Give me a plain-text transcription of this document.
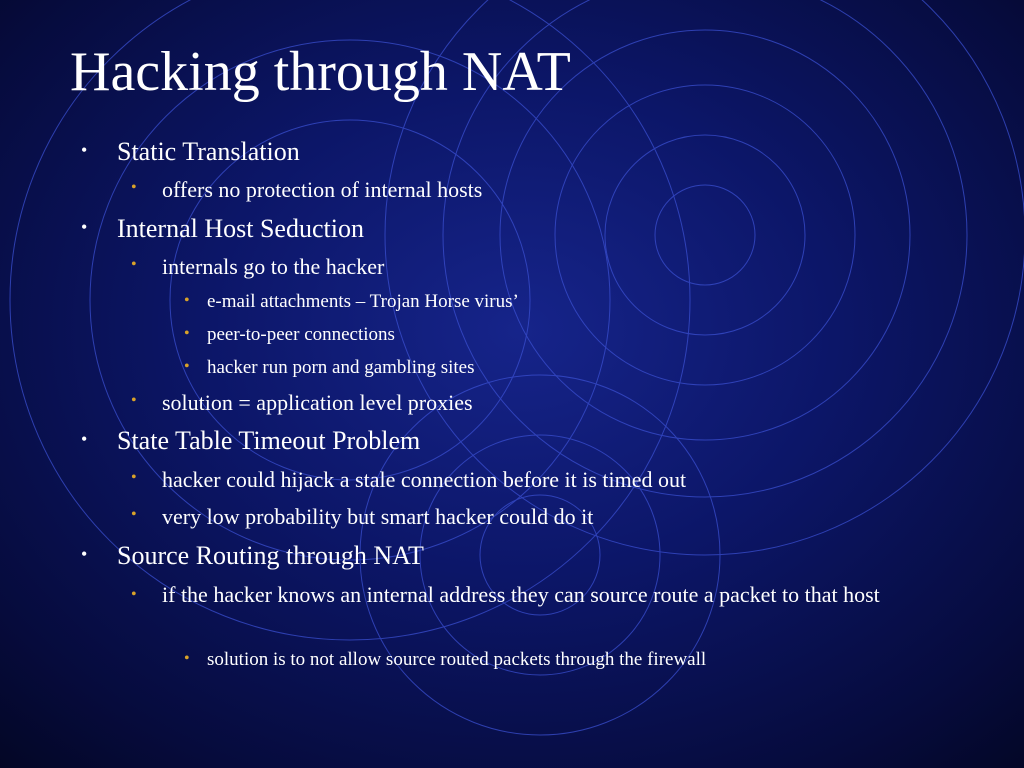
Hacking through NAT
• Static Translation
• offers no protection of internal hosts
• Internal Host Seduction
• internals go to the hacker
• e-mail attachments – Trojan Horse virus’
• peer-to-peer connections
• hacker run porn and gambling sites
• solution = application level proxies
• State Table Timeout Problem
• hacker could hijack a stale connection before it is timed out
• very low probability but smart hacker could do it
• Source Routing through NAT
• if the hacker knows an internal address they can source route a packet to that host
• solution is to not allow source routed packets through the firewall
